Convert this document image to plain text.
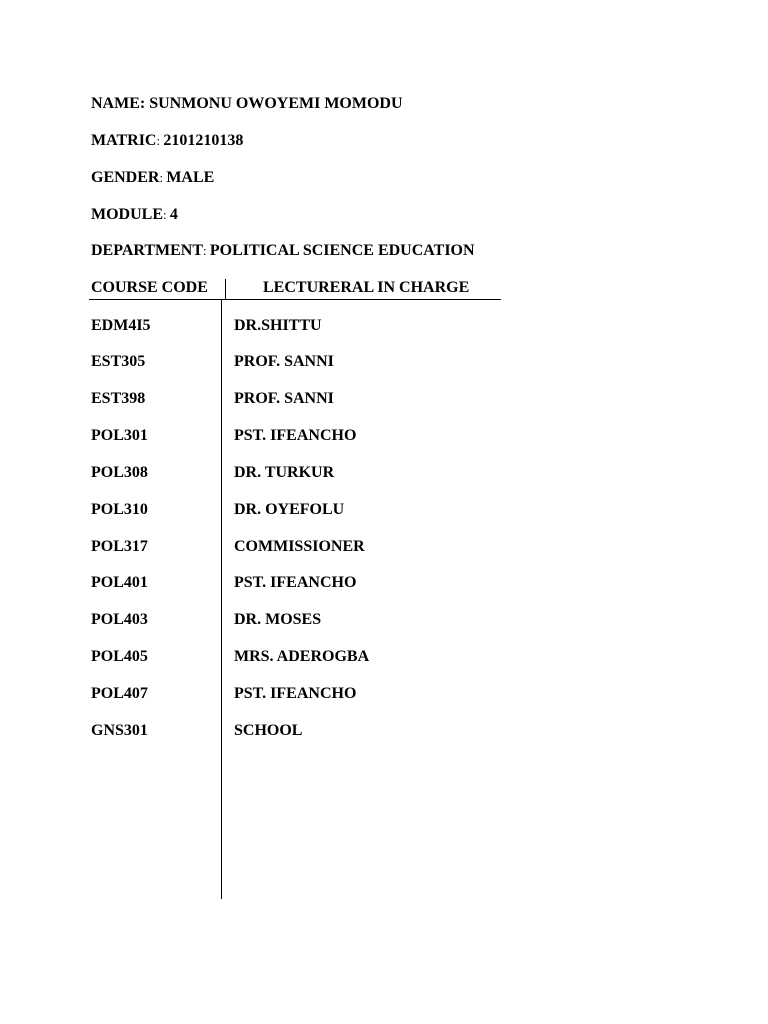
NAME: SUNMONU OWOYEMI MOMODU
MATRIC: 2101210138
GENDER: MALE
MODULE: 4
DEPARTMENT: POLITICAL SCIENCE EDUCATION
COURSE CODE	LECTURERAL IN CHARGE
EDM4I5	DR.SHITTU
EST305	PROF. SANNI
EST398	PROF. SANNI
POL301	PST. IFEANCHO
POL308	DR. TURKUR
POL310	DR. OYEFOLU
POL317	COMMISSIONER
POL401	PST. IFEANCHO
POL403	DR. MOSES
POL405	MRS. ADEROGBA
POL407	PST. IFEANCHO
GNS301	SCHOOL
